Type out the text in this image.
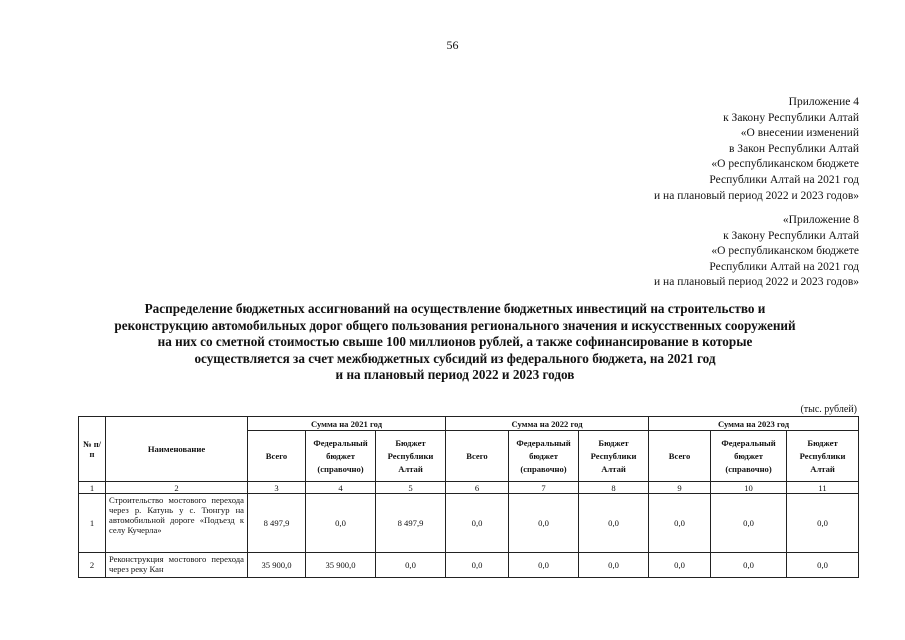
56
Приложение 4
к Закону Республики Алтай
«О внесении изменений
в Закон Республики Алтай
«О республиканском бюджете
Республики Алтай на 2021 год
и на плановый период 2022 и 2023 годов»
«Приложение 8
к Закону Республики Алтай
«О республиканском бюджете
Республики Алтай на 2021 год
и на плановый период 2022 и 2023 годов»
Распределение бюджетных ассигнований на осуществление бюджетных инвестиций на строительство и
реконструкцию автомобильных дорог общего пользования регионального значения и искусственных сооружений
на них со сметной стоимостью свыше 100 миллионов рублей, а также софинансирование в которые
осуществляется за счет межбюджетных субсидий из федерального бюджета, на 2021 год
и на плановый период 2022 и 2023 годов
(тыс. рублей)
№ п/п	Наименование	Сумма на 2021 год			Сумма на 2022 год			Сумма на 2023 год		
		Всего	Федеральный бюджет (справочно)	Бюджет Республики Алтай	Всего	Федеральный бюджет (справочно)	Бюджет Республики Алтай	Всего	Федеральный бюджет (справочно)	Бюджет Республики Алтай
1	2	3	4	5	6	7	8	9	10	11
1	Строительство мостового перехода через р. Катунь у с. Тюнгур на автомобильной дороге «Подъезд к селу Кучерла»	8 497,9	0,0	8 497,9	0,0	0,0	0,0	0,0	0,0	0,0
2	Реконструкция мостового перехода через реку Кан	35 900,0	35 900,0	0,0	0,0	0,0	0,0	0,0	0,0	0,0
